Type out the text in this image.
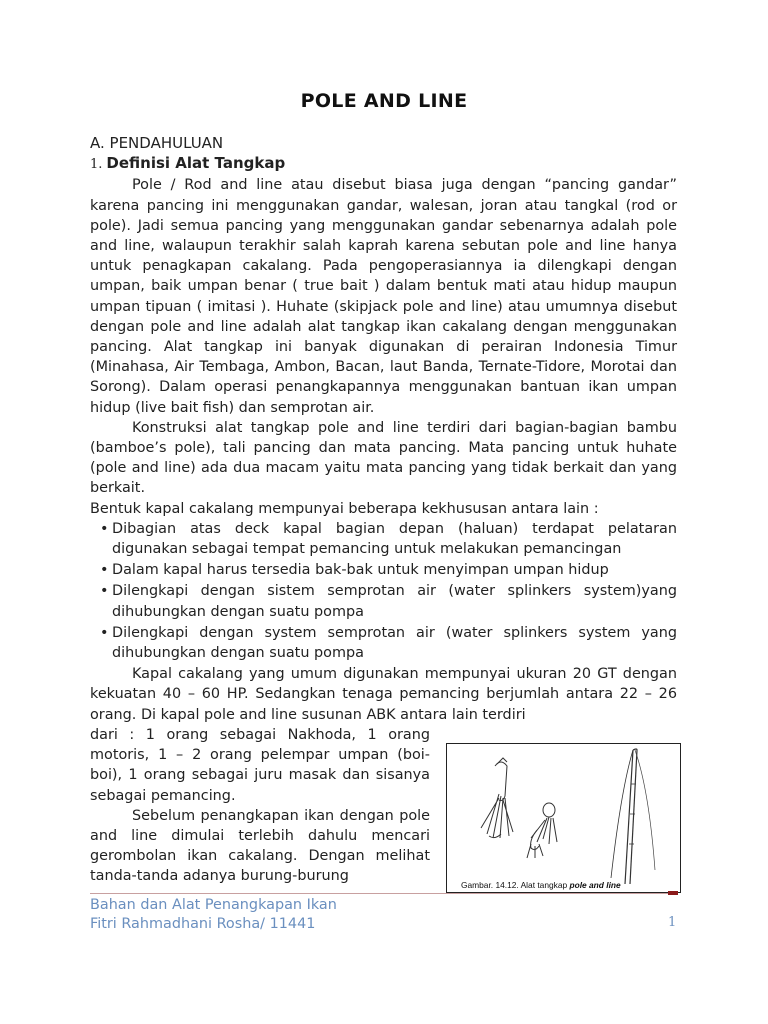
POLE AND LINE
A. PENDAHULUAN
1. Definisi Alat Tangkap

Pole / Rod and line atau disebut biasa juga dengan “pancing gandar” karena pancing ini menggunakan gandar, walesan, joran atau tangkal (rod or pole). Jadi semua pancing yang menggunakan gandar sebenarnya adalah pole and line, walaupun terakhir salah kaprah karena sebutan pole and line hanya untuk penagkapan cakalang. Pada pengoperasiannya ia dilengkapi dengan umpan, baik umpan benar ( true bait ) dalam bentuk mati atau hidup maupun umpan tipuan ( imitasi ). Huhate (skipjack pole and line) atau umumnya disebut dengan pole and line adalah alat tangkap ikan cakalang dengan menggunakan pancing. Alat tangkap ini banyak digunakan di perairan Indonesia Timur (Minahasa, Air Tembaga, Ambon, Bacan, laut Banda, Ternate-Tidore, Morotai dan Sorong). Dalam operasi penangkapannya menggunakan bantuan ikan umpan hidup (live bait fish) dan semprotan air.

Konstruksi alat tangkap pole and line terdiri dari bagian-bagian bambu (bamboe’s pole), tali pancing dan mata pancing. Mata pancing untuk huhate (pole and line) ada dua macam yaitu mata pancing yang tidak berkait dan yang berkait.

Bentuk kapal cakalang mempunyai beberapa kekhususan antara lain :

• Dibagian atas deck kapal bagian depan (haluan) terdapat pelataran digunakan sebagai tempat pemancing untuk melakukan pemancingan
• Dalam kapal harus tersedia bak-bak untuk menyimpan umpan hidup
• Dilengkapi dengan sistem semprotan air (water splinkers system)yang dihubungkan dengan suatu pompa
• Dilengkapi dengan system semprotan air (water splinkers system yang dihubungkan dengan suatu pompa

Kapal cakalang yang umum digunakan mempunyai ukuran 20 GT dengan kekuatan 40 – 60 HP. Sedangkan tenaga pemancing berjumlah antara 22 – 26 orang. Di kapal pole and line susunan ABK antara lain terdiri

dari : 1 orang sebagai Nakhoda, 1 orang motoris, 1 – 2 orang pelempar umpan (boi-boi), 1 orang sebagai juru masak dan sisanya sebagai pemancing.

Sebelum penangkapan ikan dengan pole and line dimulai terlebih dahulu mencari gerombolan ikan cakalang. Dengan melihat tanda-tanda adanya burung-burung

Gambar. 14.12. Alat tangkap pole and line
Bahan dan Alat Penangkapan Ikan
Fitri Rahmadhani Rosha/ 11441	1
